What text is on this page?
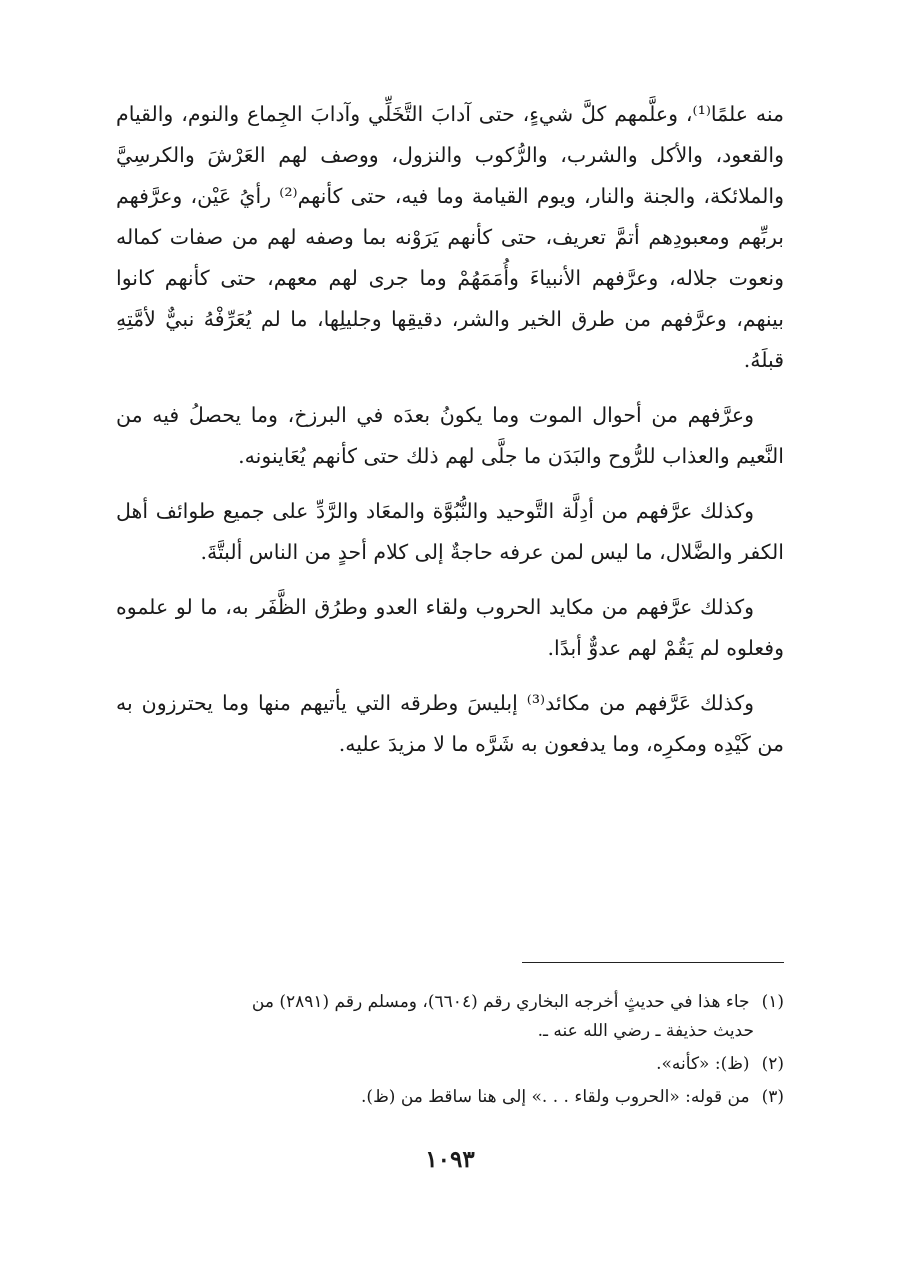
منه علمًا⁽¹⁾، وعلَّمهم كلَّ شيءٍ، حتى آدابَ التَّخَلِّي وآدابَ الجِماع والنوم، والقيام والقعود، والأكل والشرب، والرُّكوب والنزول، ووصف لهم العَرْشَ والكرسِيَّ والملائكة، والجنة والنار، ويوم القيامة وما فيه، حتى كأنهم⁽²⁾ رأيُ عَيْن، وعرَّفهم بربِّهم ومعبودِهم أتمَّ تعريف، حتى كأنهم يَرَوْنه بما وصفه لهم من صفات كماله ونعوت جلاله، وعرَّفهم الأنبياءَ وأُمَمَهُمْ وما جرى لهم معهم، حتى كأنهم كانوا بينهم، وعرَّفهم من طرق الخير والشر، دقيقِها وجليلِها، ما لم يُعَرِّفْهُ نبيٌّ لأمَّتِهِ قبلَهُ.

وعرَّفهم من أحوال الموت وما يكونُ بعدَه في البرزخ، وما يحصلُ فيه من النَّعيم والعذاب للرُّوح والبَدَن ما جلَّى لهم ذلك حتى كأنهم يُعَاينونه.

وكذلك عرَّفهم من أدِلَّة التَّوحيد والنُّبُوَّة والمعَاد والرَّدِّ على جميع طوائف أهل الكفر والضَّلال، ما ليس لمن عرفه حاجةٌ إلى كلام أحدٍ من الناس ألبتَّةَ.

وكذلك عرَّفهم من مكايد الحروب ولقاء العدو وطرُق الظَّفَر به، ما لو علموه وفعلوه لم يَقُمْ لهم عدوٌّ أبدًا.

وكذلك عَرَّفهم من مكائد⁽³⁾ إبليسَ وطرقه التي يأتيهم منها وما يحترزون به من كَيْدِه ومكرِه، وما يدفعون به شَرَّه ما لا مزيدَ عليه.

(١)جاء هذا في حديثٍ أخرجه البخاري رقم (٦٦٠٤)، ومسلم رقم (٢٨٩١) من
حديث حذيفة ـ رضي الله عنه ـ.

(٢)(ظ): «كأنه».

(٣)من قوله: «الحروب ولقاء . . .» إلى هنا ساقط من (ظ).

١٠٩٣
